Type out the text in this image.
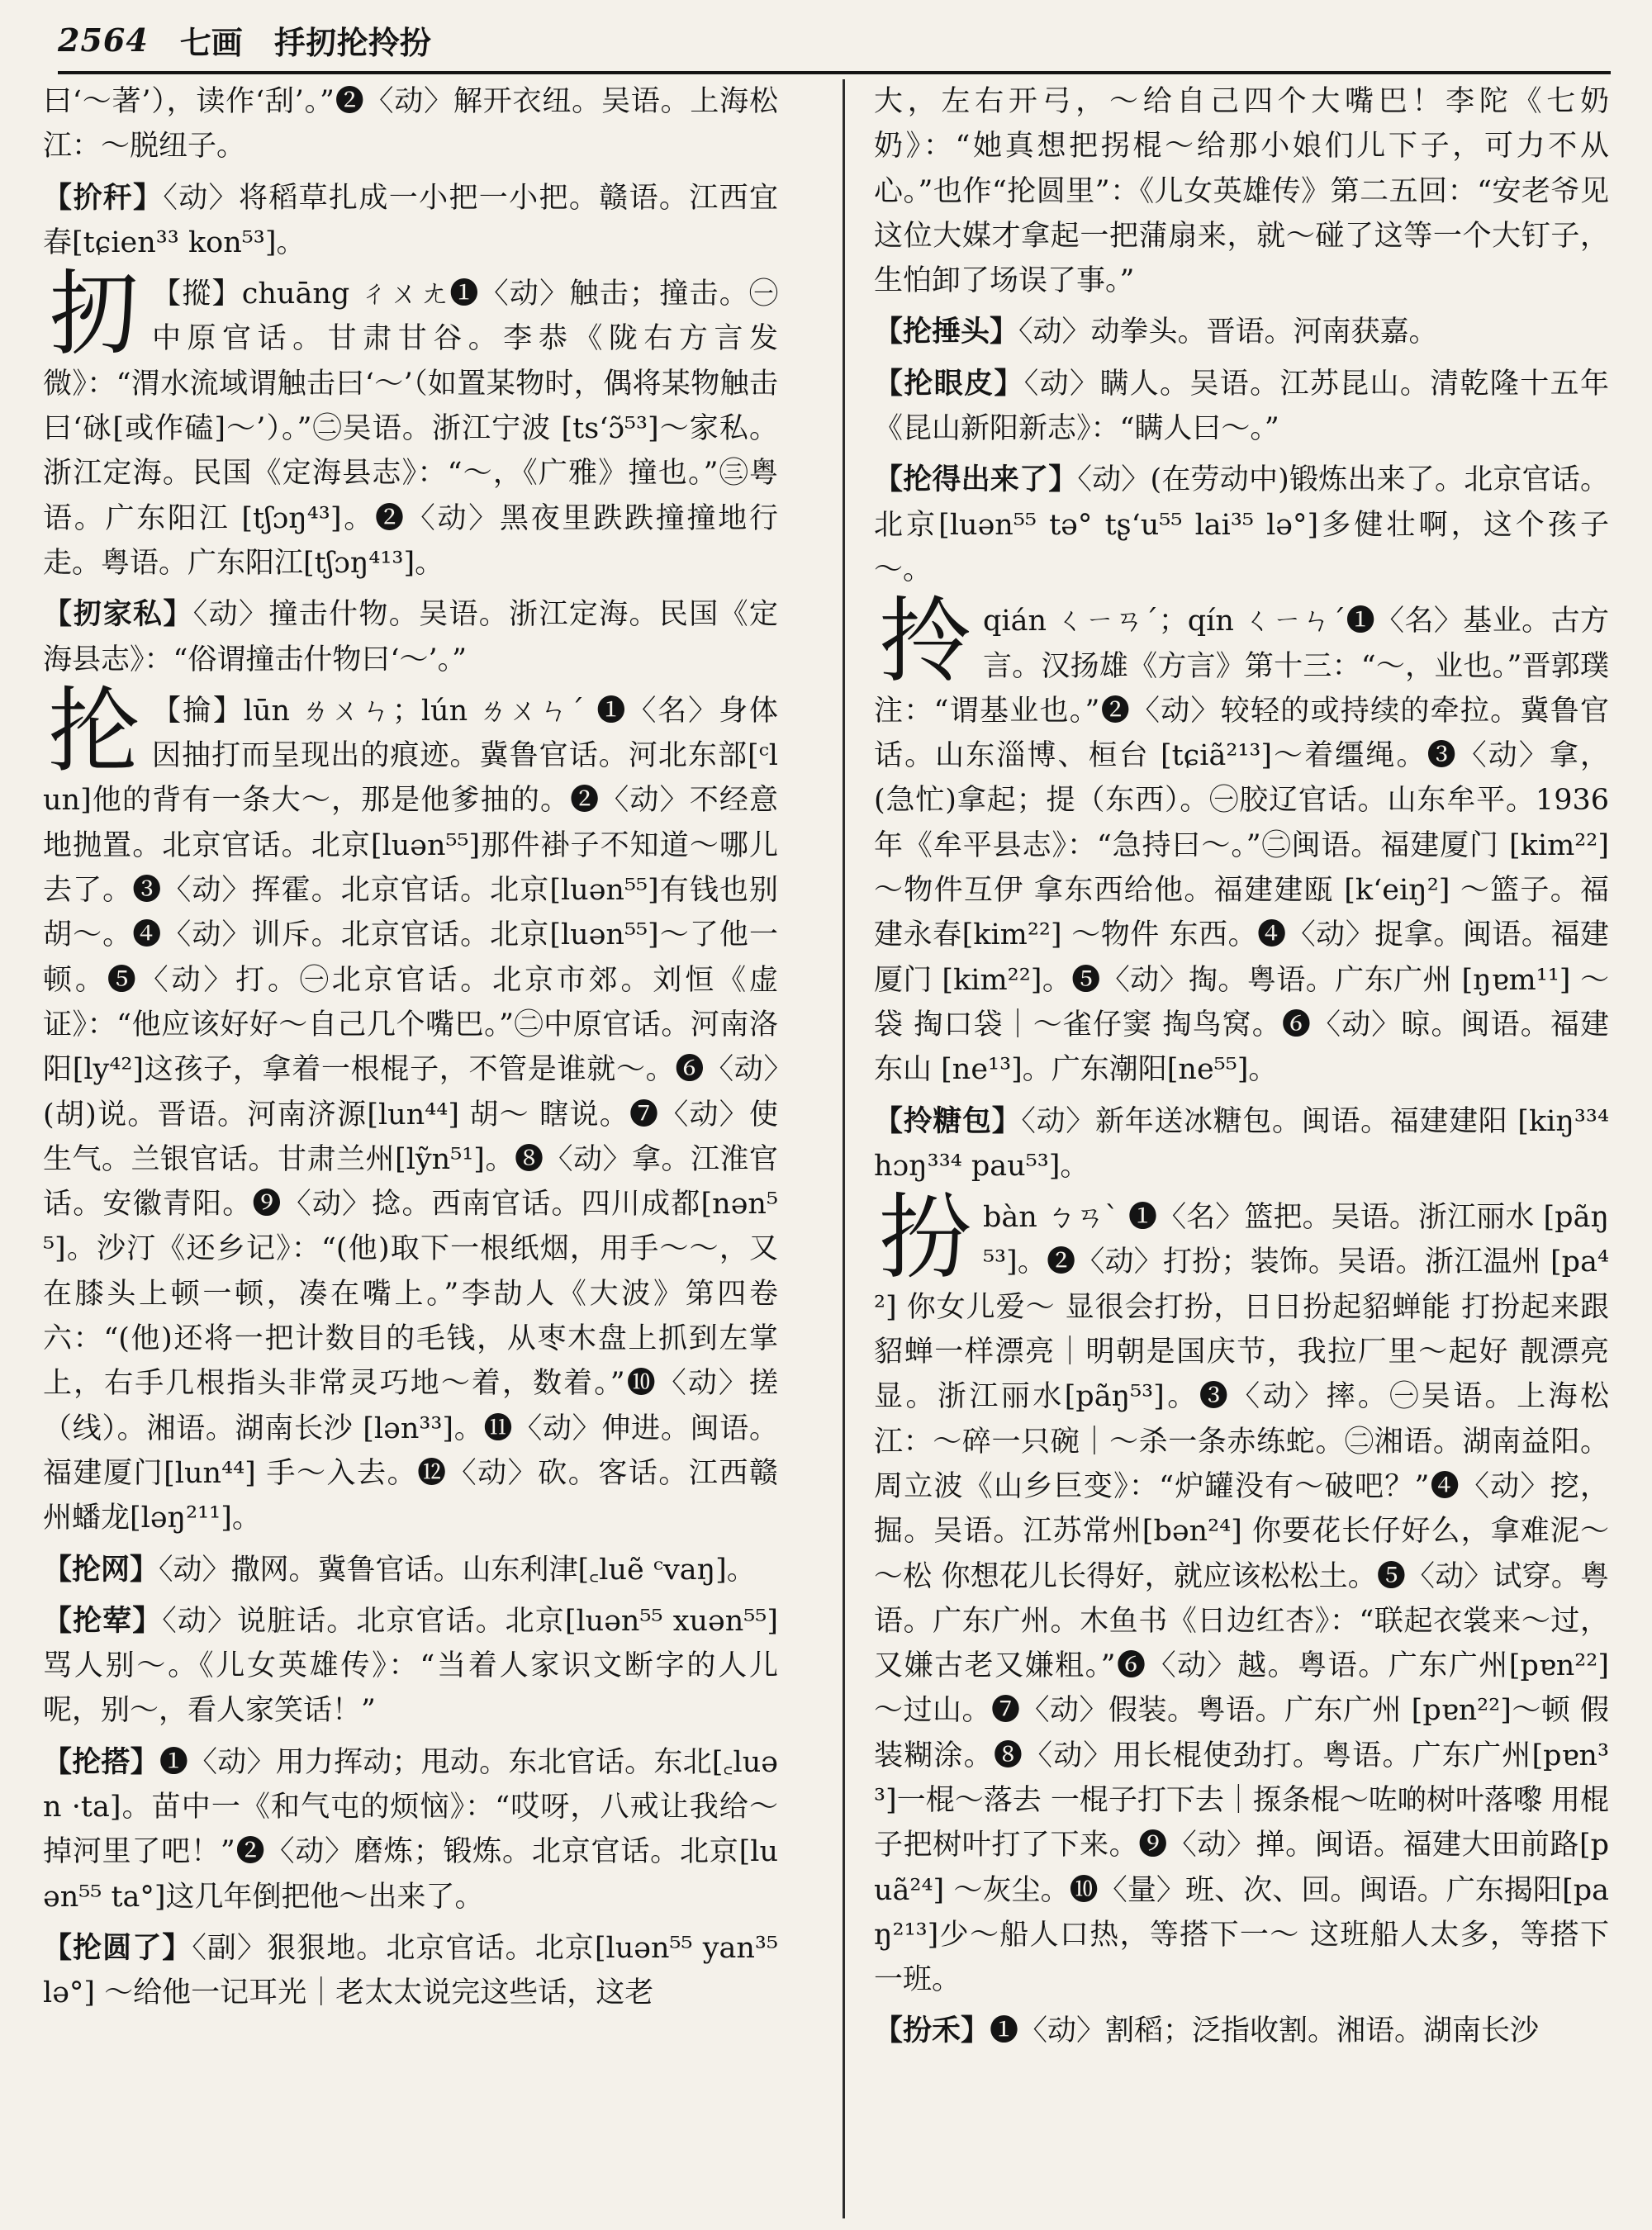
2564 七画 抙扨抡拎扮
曰‘～著’），读作‘刮’。”❷〈动〉解开衣纽。吴语。上海松江：～脱纽子。
【扴秆】〈动〉将稻草扎成一小把一小把。赣语。江西宜春[tɕien³³ kon⁵³]。
扨 【摐】chuāng ㄔㄨㄤ❶〈动〉触击；撞击。㊀中原官话。甘肃甘谷。李恭《陇右方言发微》：“渭水流域谓触击曰‘～’（如置某物时，偶将某物触击曰‘砯[或作磕]～’）。”㊁吴语。浙江宁波 [ts‘ɔ̃⁵³]～家私。浙江定海。民国《定海县志》：“～，《广雅》撞也。”㊂粤语。广东阳江 [tʃɔŋ⁴³]。❷〈动〉黑夜里跌跌撞撞地行走。粤语。广东阳江[tʃɔŋ⁴¹³]。
【扨家私】〈动〉撞击什物。吴语。浙江定海。民国《定海县志》：“俗谓撞击什物曰‘～’。”
抡 【掄】lūn ㄌㄨㄣ；lún ㄌㄨㄣˊ ❶〈名〉身体因抽打而呈现出的痕迹。冀鲁官话。河北东部[ᶜlun]他的背有一条大～，那是他爹抽的。❷〈动〉不经意地抛置。北京官话。北京[luən⁵⁵]那件褂子不知道～哪儿去了。❸〈动〉挥霍。北京官话。北京[luən⁵⁵]有钱也别胡～。❹〈动〉训斥。北京官话。北京[luən⁵⁵]～了他一顿。❺〈动〉打。㊀北京官话。北京市郊。刘恒《虚证》：“他应该好好～自己几个嘴巴。”㊁中原官话。河南洛阳[ly⁴²]这孩子，拿着一根棍子，不管是谁就～。❻〈动〉(胡)说。晋语。河南济源[lun⁴⁴] 胡～ 瞎说。❼〈动〉使生气。兰银官话。甘肃兰州[lỹn⁵¹]。❽〈动〉拿。江淮官话。安徽青阳。❾〈动〉捻。西南官话。四川成都[nən⁵⁵]。沙汀《还乡记》：“(他)取下一根纸烟，用手～～，又在膝头上顿一顿，凑在嘴上。”李劼人《大波》第四卷六：“(他)还将一把计数目的毛钱，从枣木盘上抓到左掌上，右手几根指头非常灵巧地～着，数着。”❿〈动〉搓（线）。湘语。湖南长沙 [lən³³]。⓫〈动〉伸进。闽语。福建厦门[lun⁴⁴] 手～入去。⓬〈动〉砍。客话。江西赣州蟠龙[ləŋ²¹¹]。
【抡网】〈动〉撒网。冀鲁官话。山东利津[꜀luẽ ᶜvaŋ]。
【抡荤】〈动〉说脏话。北京官话。北京[luən⁵⁵ xuən⁵⁵]骂人别～。《儿女英雄传》：“当着人家识文断字的人儿呢，别～，看人家笑话！”
【抡搭】❶〈动〉用力挥动；甩动。东北官话。东北[꜀luən ·ta]。苗中一《和气屯的烦恼》：“哎呀，八戒让我给～掉河里了吧！”❷〈动〉磨炼；锻炼。北京官话。北京[luən⁵⁵ ta°]这几年倒把他～出来了。
【抡圆了】〈副〉狠狠地。北京官话。北京[luən⁵⁵ yan³⁵ lə°] ～给他一记耳光｜老太太说完这些话，这老
大，左右开弓，～给自己四个大嘴巴！李陀《七奶奶》：“她真想把拐棍～给那小娘们儿下子，可力不从心。”也作“抡圆里”：《儿女英雄传》第二五回：“安老爷见这位大媒才拿起一把蒲扇来，就～碰了这等一个大钉子，生怕卸了场误了事。”
【抡捶头】〈动〉动拳头。晋语。河南获嘉。
【抡眼皮】〈动〉瞒人。吴语。江苏昆山。清乾隆十五年《昆山新阳新志》：“瞒人曰～。”
【抡得出来了】〈动〉(在劳动中)锻炼出来了。北京官话。北京[luən⁵⁵ tə° tʂ‘u⁵⁵ lai³⁵ lə°]多健壮啊，这个孩子～。
拎qián ㄑㄧㄢˊ；qín ㄑㄧㄣˊ❶〈名〉基业。古方言。汉扬雄《方言》第十三：“～，业也。”晋郭璞注：“谓基业也。”❷〈动〉较轻的或持续的牵拉。冀鲁官话。山东淄博、桓台 [tɕiã²¹³]～着缰绳。❸〈动〉拿，(急忙)拿起；提（东西）。㊀胶辽官话。山东牟平。1936年《牟平县志》：“急持曰～。”㊁闽语。福建厦门 [kim²²] ～物件互伊 拿东西给他。福建建瓯 [k‘eiŋ²] ～篮子。福建永春[kim²²] ～物件 东西。❹〈动〉捉拿。闽语。福建厦门 [kim²²]。❺〈动〉掏。粤语。广东广州 [ŋɐm¹¹] ～袋 掏口袋｜～雀仔窦 掏鸟窝。❻〈动〉晾。闽语。福建东山 [ne¹³]。广东潮阳[ne⁵⁵]。
【拎糖包】〈动〉新年送冰糖包。闽语。福建建阳 [kiŋ³³⁴ hɔŋ³³⁴ pau⁵³]。
扮bàn ㄅㄢˋ ❶〈名〉篮把。吴语。浙江丽水 [pãŋ⁵³]。❷〈动〉打扮；装饰。吴语。浙江温州 [pa⁴²] 你女儿爱～ 显很会打扮，日日扮起貂蝉能 打扮起来跟貂蝉一样漂亮｜明朝是国庆节，我拉厂里～起好 靓漂亮显。浙江丽水[pãŋ⁵³]。❸〈动〉摔。㊀吴语。上海松江：～碎一只碗｜～杀一条赤练蛇。㊁湘语。湖南益阳。周立波《山乡巨变》：“炉罐没有～破吧？”❹〈动〉挖，掘。吴语。江苏常州[bən²⁴] 你要花长仔好么，拿难泥～～松 你想花儿长得好，就应该松松土。❺〈动〉试穿。粤语。广东广州。木鱼书《日边红杏》：“联起衣裳来～过，又嫌古老又嫌粗。”❻〈动〉越。粤语。广东广州[pɐn²²] ～过山。❼〈动〉假装。粤语。广东广州 [pɐn²²]～顿 假装糊涂。❽〈动〉用长棍使劲打。粤语。广东广州[pɐn³³]一棍～落去 一棍子打下去｜揼条棍～咗啲树叶落嚟 用棍子把树叶打了下来。❾〈动〉掸。闽语。福建大田前路[puã²⁴] ～灰尘。❿〈量〉班、次、回。闽语。广东揭阳[paŋ²¹³]少～船人口热，等搭下一～ 这班船人太多，等搭下一班。
【扮禾】❶〈动〉割稻；泛指收割。湘语。湖南长沙
